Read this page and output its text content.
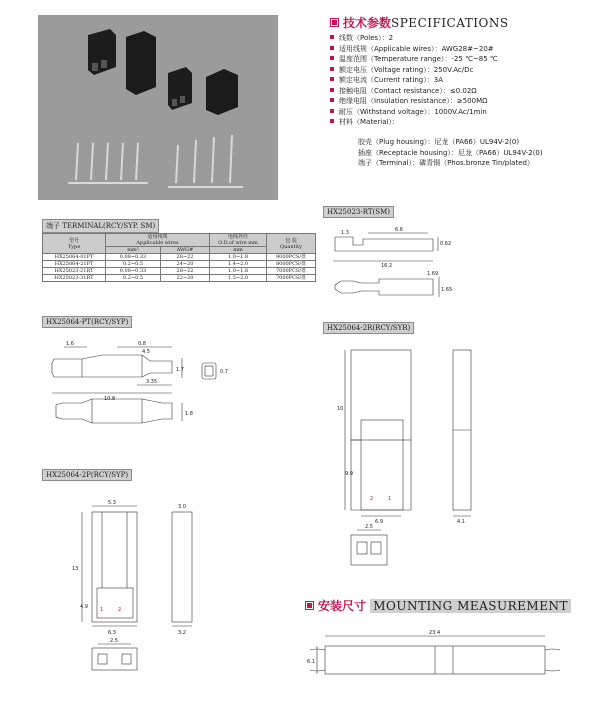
技术参数SPECIFICATIONS
线数（Poles）：2
适用线规（Applicable wires）：AWG28#~20#
温度范围（Temperature range）：-25 ℃~85 ℃
额定电压（Voltage rating）：250V.Ac/Dc
额定电流（Current rating）：3A
接触电阻（Contact resistance）：≤0.02Ω
绝缘电阻（Insulation resistance）：≥500MΩ
耐压（Withstand voltage）：1000V.Ac/1min
材料（Material）：
胶壳（Plug housing）：尼龙（PA66）UL94V-2(0)
插座（Receptacle housing）：尼龙（PA66）UL94V-2(0)
端子（Terminal）：磷青铜（Phos.bronze Tin/plated）
端子 TERMINAL(RCY/SYP. SM)
型号
Type	适用线规
Applicable wires		电线外径
O.D.of wire mm	包 装
Quantity
	mm²	AWG#	mm	
HX25064-01PT	0.08~0.33	28~22	1.0~1.8	8000PCS/盘
HX25064-21PT	0.2~0.5	24~20	1.4~2.0	8000PCS/盘
HX25023-21RT	0.08~0.33	28~22	1.0~1.8	7000PCS/盘
HX25023-31RT	0.2~0.5	22~20	1.5~2.0	7000PCS/盘
HX25064-PT(RCY/SYP)
1.6	0.8
4.5
1.7
10.8
3.35
0.7
1.8
HX25064-2P(RCY/SYP)
5.3
3.0
13
4.9
6.3	3.2
2.5
1	2
HX25023-RT(SM)
1.3	6.6
0.62
16.2
1.69
1.65
HX25064-2R(RCY/SYR)
10
9.9
6.9	4.1
2.5
2	1
安装尺寸 MOUNTING MEASUREMENT
23.4
6.1
